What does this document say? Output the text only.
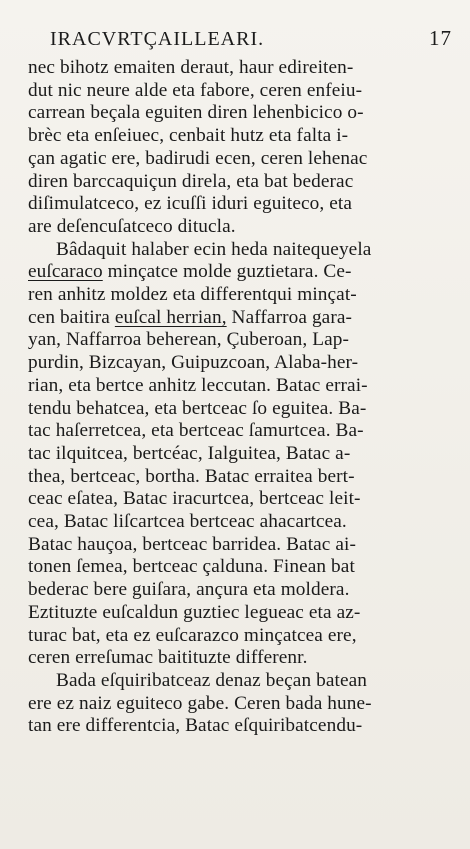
IRACVRTÇAILLEARI.	17
nec bihotz emaiten deraut, haur edireiten-
dut nic neure alde eta fabore, ceren enfeiu-
carrean beçala eguiten diren lehenbicico o-
brèc eta enſeiuec, cenbait hutz eta falta i-
çan agatic ere, badirudi ecen, ceren lehenac
diren barccaquiçun direla, eta bat bederac
diſimulatceco, ez icuſſi iduri eguiteco, eta
are deſencuſatceco ditucla.
Bâdaquit halaber ecin heda naitequeyela
euſcaraco minçatce molde guztietara. Ce-
ren anhitz moldez eta differentqui minçat-
cen baitira euſcal herrian, Naffarroa gara-
yan, Naffarroa beherean, Çuberoan, Lap-
purdin, Bizcayan, Guipuzcoan, Alaba-her-
rian, eta bertce anhitz leccutan. Batac errai-
tendu behatcea, eta bertceac ſo eguitea. Ba-
tac haſerretcea, eta bertceac ſamurtcea. Ba-
tac ilquitcea, bertcéac, Ialguitea, Batac a-
thea, bertceac, bortha. Batac erraitea bert-
ceac eſatea, Batac iracurtcea, bertceac leit-
cea, Batac liſcartcea bertceac ahacartcea.
Batac hauçoa, bertceac barridea. Batac ai-
tonen ſemea, bertceac çalduna. Finean bat
bederac bere guiſara, ançura eta moldera.
Eztituzte euſcaldun guztiec legueac eta az-
turac bat, eta ez euſcarazco minçatcea ere,
ceren erreſumac baitituzte differenr.
Bada eſquiribatceaz denaz beçan batean
ere ez naiz eguiteco gabe. Ceren bada hune-
tan ere differentcia, Batac eſquiribatcendu-
